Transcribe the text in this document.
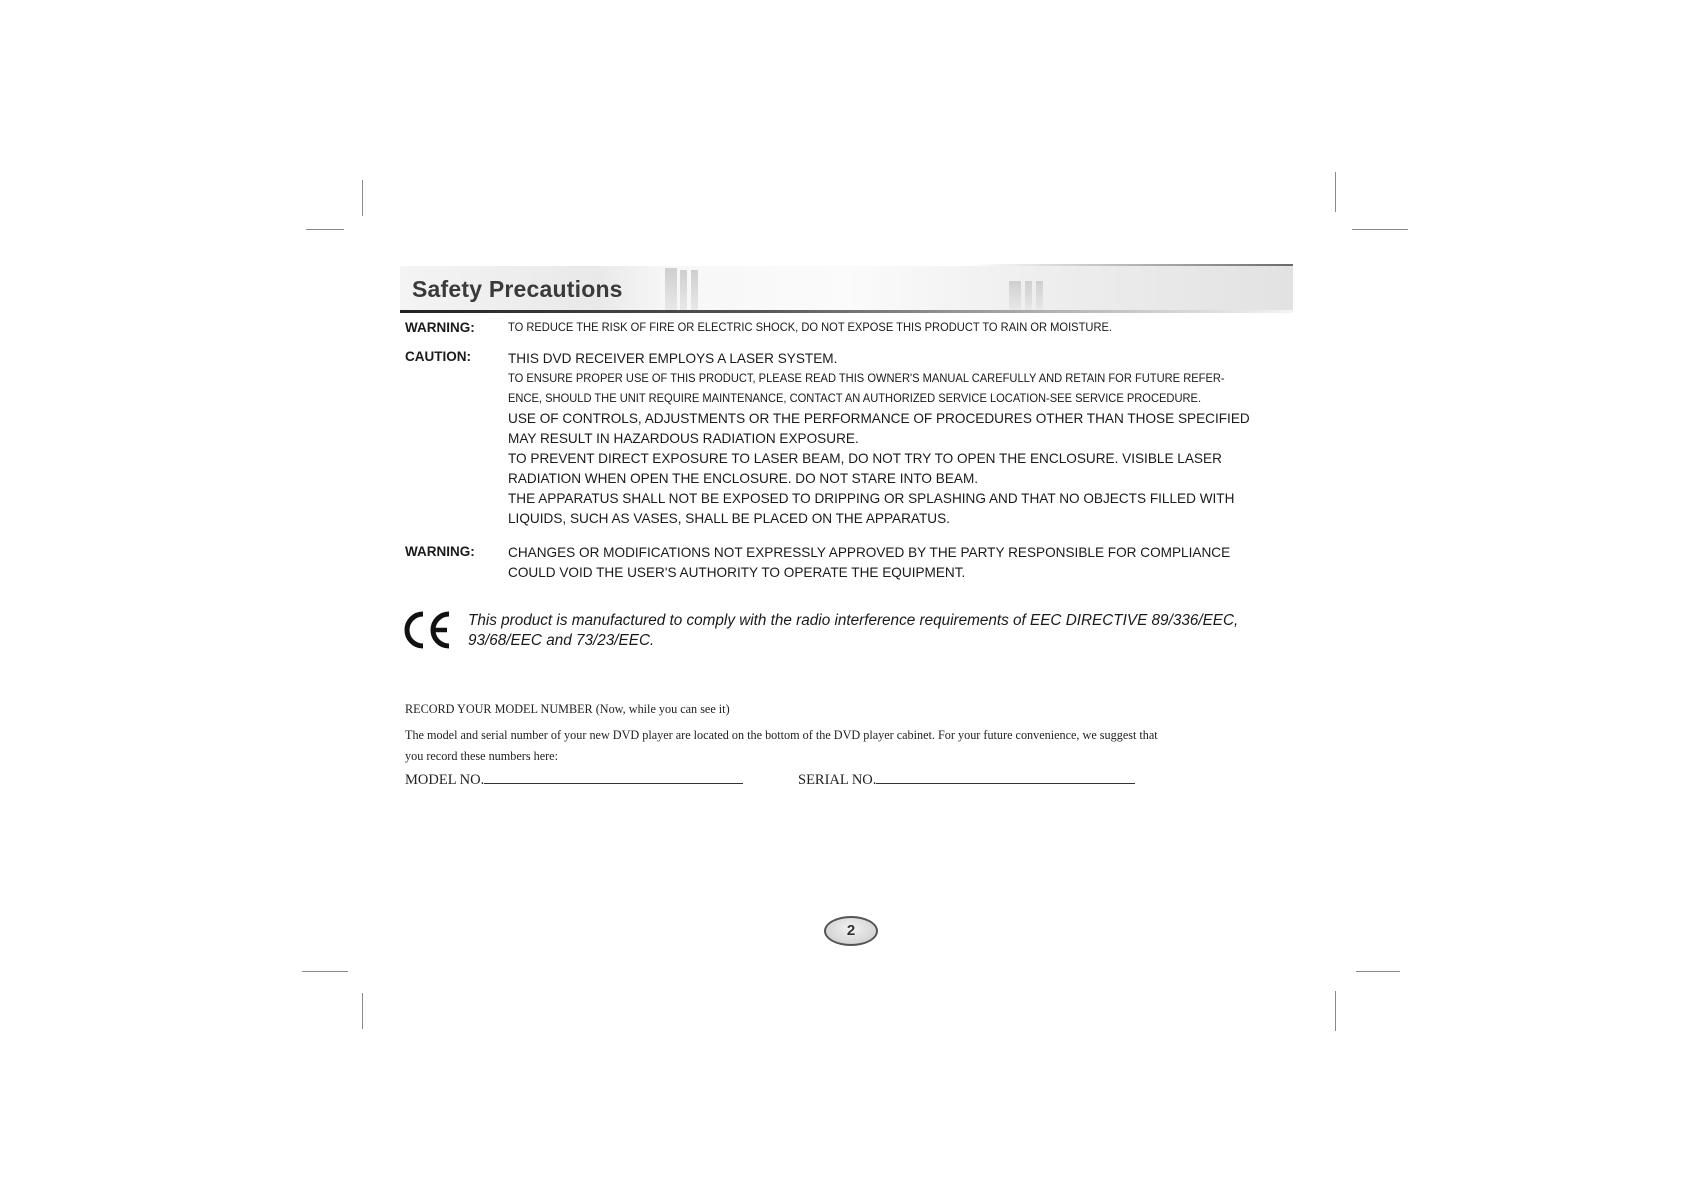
Safety Precautions
WARNING:	TO REDUCE THE RISK OF FIRE OR ELECTRIC SHOCK, DO NOT EXPOSE THIS PRODUCT TO RAIN OR MOISTURE.

CAUTION:	THIS DVD RECEIVER EMPLOYS A LASER SYSTEM.

TO ENSURE PROPER USE OF THIS PRODUCT, PLEASE READ THIS OWNER'S MANUAL CAREFULLY AND RETAIN FOR FUTURE REFER-

ENCE, SHOULD THE UNIT REQUIRE MAINTENANCE, CONTACT AN AUTHORIZED SERVICE LOCATION-SEE SERVICE PROCEDURE.

USE OF CONTROLS, ADJUSTMENTS OR THE PERFORMANCE OF PROCEDURES OTHER THAN THOSE SPECIFIED

MAY RESULT IN HAZARDOUS RADIATION EXPOSURE.

TO PREVENT DIRECT EXPOSURE TO LASER BEAM, DO NOT TRY TO OPEN THE ENCLOSURE. VISIBLE LASER

RADIATION WHEN OPEN THE ENCLOSURE. DO NOT STARE INTO BEAM.

THE APPARATUS SHALL NOT BE EXPOSED TO DRIPPING OR SPLASHING AND THAT NO OBJECTS FILLED WITH

LIQUIDS, SUCH AS VASES, SHALL BE PLACED ON THE APPARATUS.

WARNING: CHANGES OR MODIFICATIONS NOT EXPRESSLY APPROVED BY THE PARTY RESPONSIBLE FOR COMPLIANCE

COULD VOID THE USER'S AUTHORITY TO OPERATE THE EQUIPMENT.

This product is manufactured to comply with the radio interference requirements of EEC DIRECTIVE 89/336/EEC,

93/68/EEC and 73/23/EEC.

RECORD YOUR MODEL NUMBER (Now, while you can see it)

The model and serial number of your new DVD player are located on the bottom of the DVD player cabinet. For your future convenience, we suggest that

you record these numbers here:

MODEL NO.	SERIAL NO.
2
